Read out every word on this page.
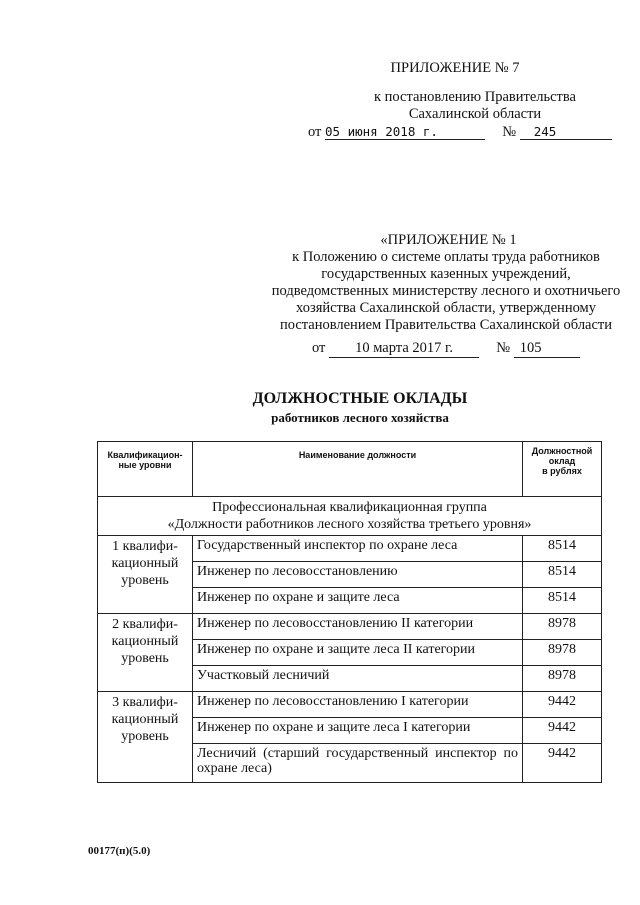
ПРИЛОЖЕНИЕ № 7
к постановлению Правительства
Сахалинской области
от 05 июня 2018 г.	№ 245
«ПРИЛОЖЕНИЕ № 1
к Положению о системе оплаты труда работников
государственных казенных учреждений,
подведомственных министерству лесного и охотничьего
хозяйства Сахалинской области, утвержденному
постановлением Правительства Сахалинской области
от 10 марта 2017 г.	№ 105
ДОЛЖНОСТНЫЕ ОКЛАДЫ
работников лесного хозяйства
Квалификацион-
ные уровни	Наименование должности	Должностной
оклад
в рублях

Профессиональная квалификационная группа
«Должности работников лесного хозяйства третьего уровня»		

1 квалифи-
кационный
уровень	Государственный инспектор по охране леса	8514
	Инженер по лесовосстановлению	8514
	Инженер по охране и защите леса	8514
2 квалифи-
кационный
уровень	Инженер по лесовосстановлению II категории	8978
	Инженер по охране и защите леса II категории	8978
	Участковый лесничий	8978
3 квалифи-
кационный
уровень	Инженер по лесовосстановлению I категории	9442
	Инженер по охране и защите леса I категории	9442
	Лесничий (старший государственный инспектор по охране леса)	9442
00177(п)(5.0)
